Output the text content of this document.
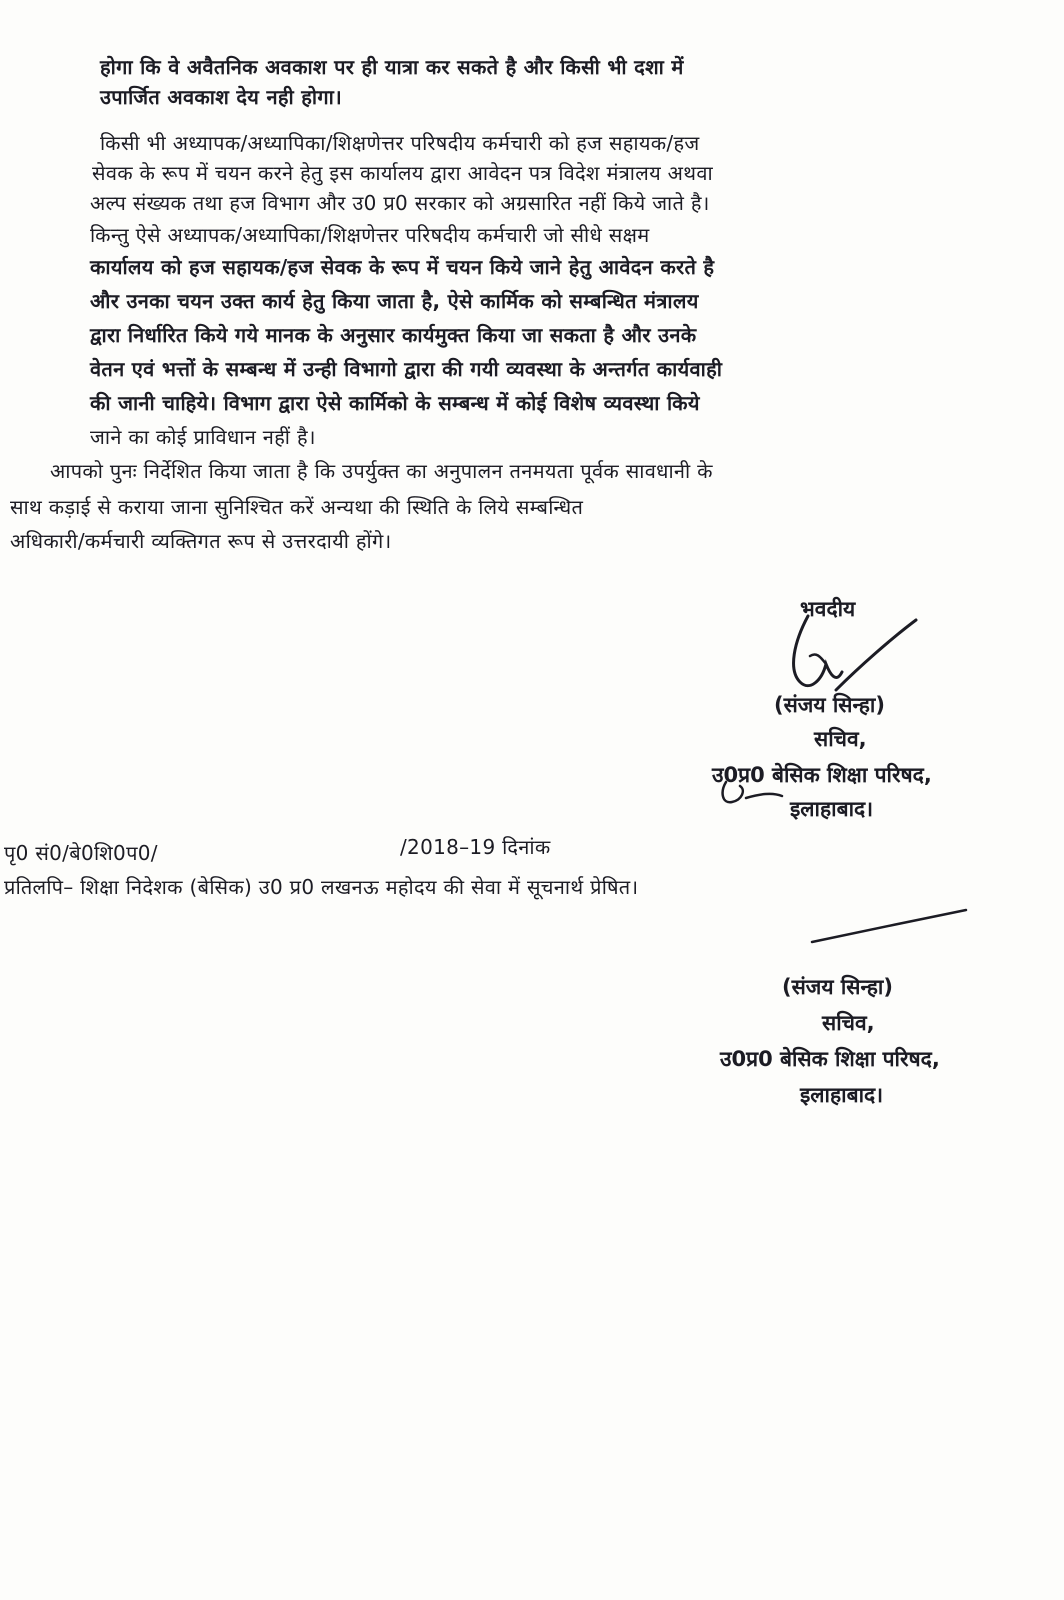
होगा कि वे अवैतनिक अवकाश पर ही यात्रा कर सकते है और किसी भी दशा में
उपार्जित अवकाश देय नही होगा।
किसी भी अध्यापक/अध्यापिका/शिक्षणेत्तर परिषदीय कर्मचारी को हज सहायक/हज
सेवक के रूप में चयन करने हेतु इस कार्यालय द्वारा आवेदन पत्र विदेश मंत्रालय अथवा
अल्प संख्यक तथा हज विभाग और उ0 प्र0 सरकार को अग्रसारित नहीं किये जाते है।
किन्तु ऐसे अध्यापक/अध्यापिका/शिक्षणेत्तर परिषदीय कर्मचारी जो सीधे सक्षम
कार्यालय को हज सहायक/हज सेवक के रूप में चयन किये जाने हेतु आवेदन करते है
और उनका चयन उक्त कार्य हेतु किया जाता है, ऐसे कार्मिक को सम्बन्धित मंत्रालय
द्वारा निर्धारित किये गये मानक के अनुसार कार्यमुक्त किया जा सकता है और उनके
वेतन एवं भत्तों के सम्बन्ध में उन्ही विभागो द्वारा की गयी व्यवस्था के अन्तर्गत कार्यवाही
की जानी चाहिये। विभाग द्वारा ऐसे कार्मिको के सम्बन्ध में कोई विशेष व्यवस्था किये
जाने का कोई प्राविधान नहीं है।
आपको पुनः निर्देशित किया जाता है कि उपर्युक्त का अनुपालन तनमयता पूर्वक सावधानी के
साथ कड़ाई से कराया जाना सुनिश्चित करें अन्यथा की स्थिति के लिये सम्बन्धित
अधिकारी/कर्मचारी व्यक्तिगत रूप से उत्तरदायी होंगे।
भवदीय
(संजय सिन्हा)
सचिव,
उ0प्र0 बेसिक शिक्षा परिषद,
इलाहाबाद।
पृ0 सं0/बे0शि0प0/	/2018–19 दिनांक
प्रतिलपि– शिक्षा निदेशक (बेसिक) उ0 प्र0 लखनऊ महोदय की सेवा में सूचनार्थ प्रेषित।
(संजय सिन्हा)
सचिव,
उ0प्र0 बेसिक शिक्षा परिषद,
इलाहाबाद।
